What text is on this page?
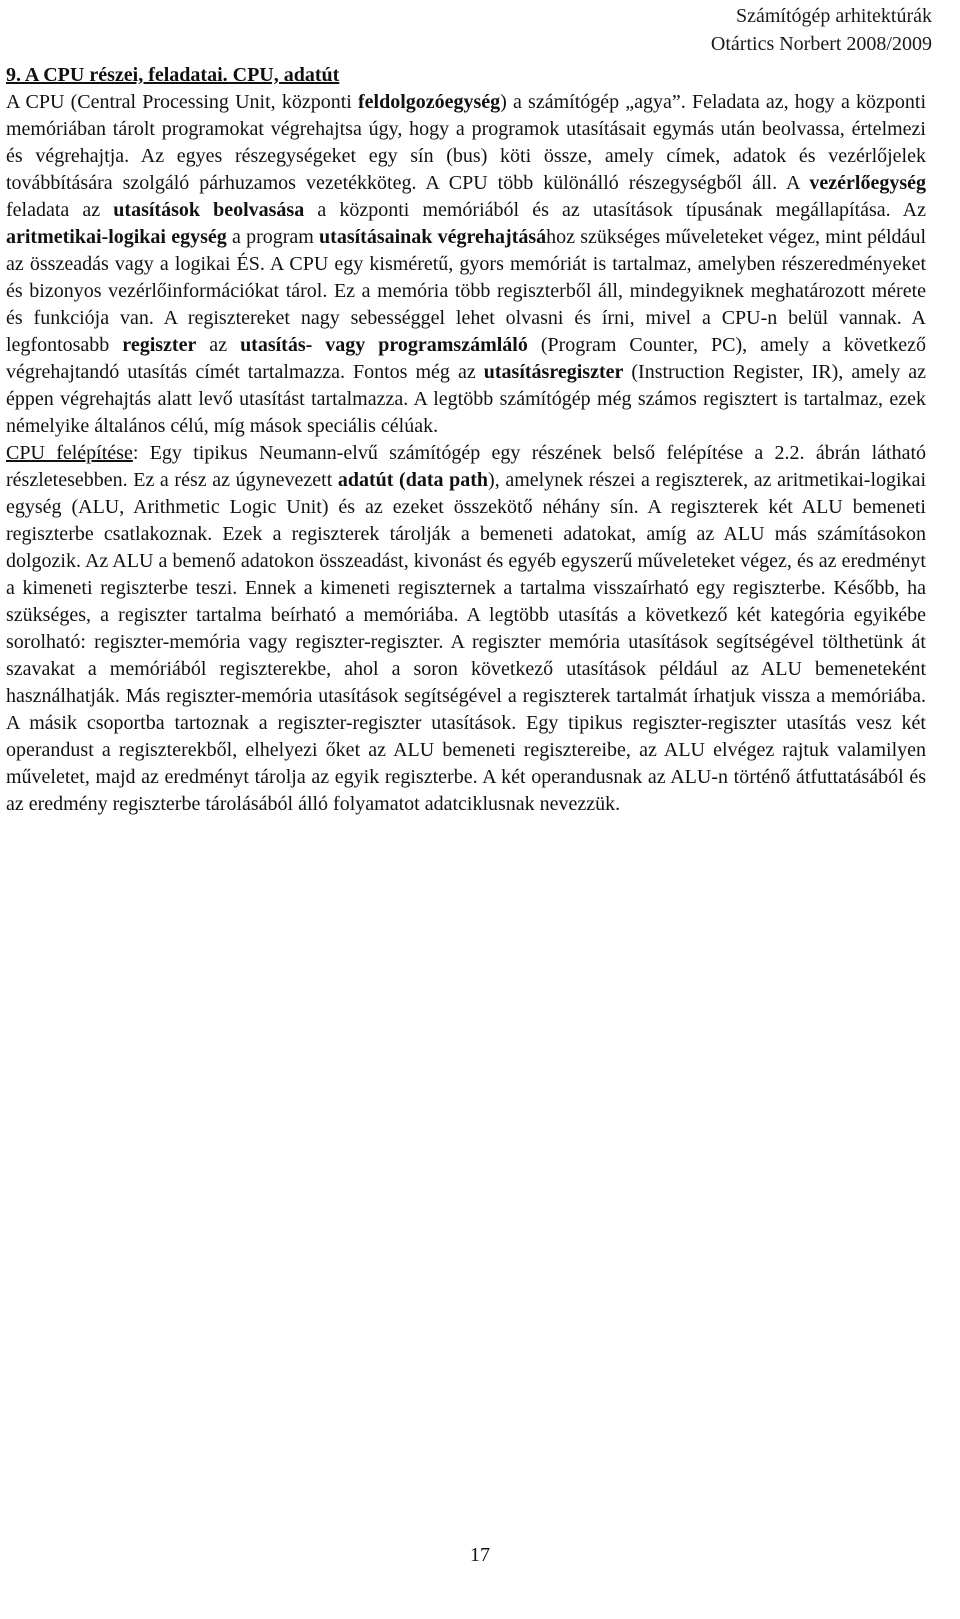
Számítógép arhitektúrák
Otártics Norbert 2008/2009
9. A CPU részei, feladatai. CPU, adatút

A CPU (Central Processing Unit, központi feldolgozóegység) a számítógép „agya”. Feladata az, hogy a központi memóriában tárolt programokat végrehajtsa úgy, hogy a programok utasításait egymás után beolvassa, értelmezi és végrehajtja. Az egyes részegységeket egy sín (bus) köti össze, amely címek, adatok és vezérlőjelek továbbítására szolgáló párhuzamos vezetékköteg. A CPU több különálló részegységből áll. A vezérlőegység feladata az utasítások beolvasása a központi memóriából és az utasítások típusának megállapítása. Az aritmetikai-logikai egység a program utasításainak végrehajtásához szükséges műveleteket végez, mint például az összeadás vagy a logikai ÉS. A CPU egy kisméretű, gyors memóriát is tartalmaz, amelyben részeredményeket és bizonyos vezérlőinformációkat tárol. Ez a memória több regiszterből áll, mindegyiknek meghatározott mérete és funkciója van. A regisztereket nagy sebességgel lehet olvasni és írni, mivel a CPU-n belül vannak. A legfontosabb regiszter az utasítás- vagy programszámláló (Program Counter, PC), amely a következő végrehajtandó utasítás címét tartalmazza. Fontos még az utasításregiszter (Instruction Register, IR), amely az éppen végrehajtás alatt levő utasítást tartalmazza. A legtöbb számítógép még számos regisztert is tartalmaz, ezek némelyike általános célú, míg mások speciális célúak.

CPU felépítése: Egy tipikus Neumann-elvű számítógép egy részének belső felépítése a 2.2. ábrán látható részletesebben. Ez a rész az úgynevezett adatút (data path), amelynek részei a regiszterek, az aritmetikai-logikai egység (ALU, Arithmetic Logic Unit) és az ezeket összekötő néhány sín. A regiszterek két ALU bemeneti regiszterbe csatlakoznak. Ezek a regiszterek tárolják a bemeneti adatokat, amíg az ALU más számításokon dolgozik. Az ALU a bemenő adatokon összeadást, kivonást és egyéb egyszerű műveleteket végez, és az eredményt a kimeneti regiszterbe teszi. Ennek a kimeneti regiszternek a tartalma visszaírható egy regiszterbe. Később, ha szükséges, a regiszter tartalma beírható a memóriába. A legtöbb utasítás a következő két kategória egyikébe sorolható: regiszter-memória vagy regiszter-regiszter. A regiszter memória utasítások segítségével tölthetünk át szavakat a memóriából regiszterekbe, ahol a soron következő utasítások például az ALU bemeneteként használhatják. Más regiszter-memória utasítások segítségével a regiszterek tartalmát írhatjuk vissza a memóriába. A másik csoportba tartoznak a regiszter-regiszter utasítások. Egy tipikus regiszter-regiszter utasítás vesz két operandust a regiszterekből, elhelyezi őket az ALU bemeneti regisztereibe, az ALU elvégez rajtuk valamilyen műveletet, majd az eredményt tárolja az egyik regiszterbe. A két operandusnak az ALU-n történő átfuttatásából és az eredmény regiszterbe tárolásából álló folyamatot adatciklusnak nevezzük.

17
